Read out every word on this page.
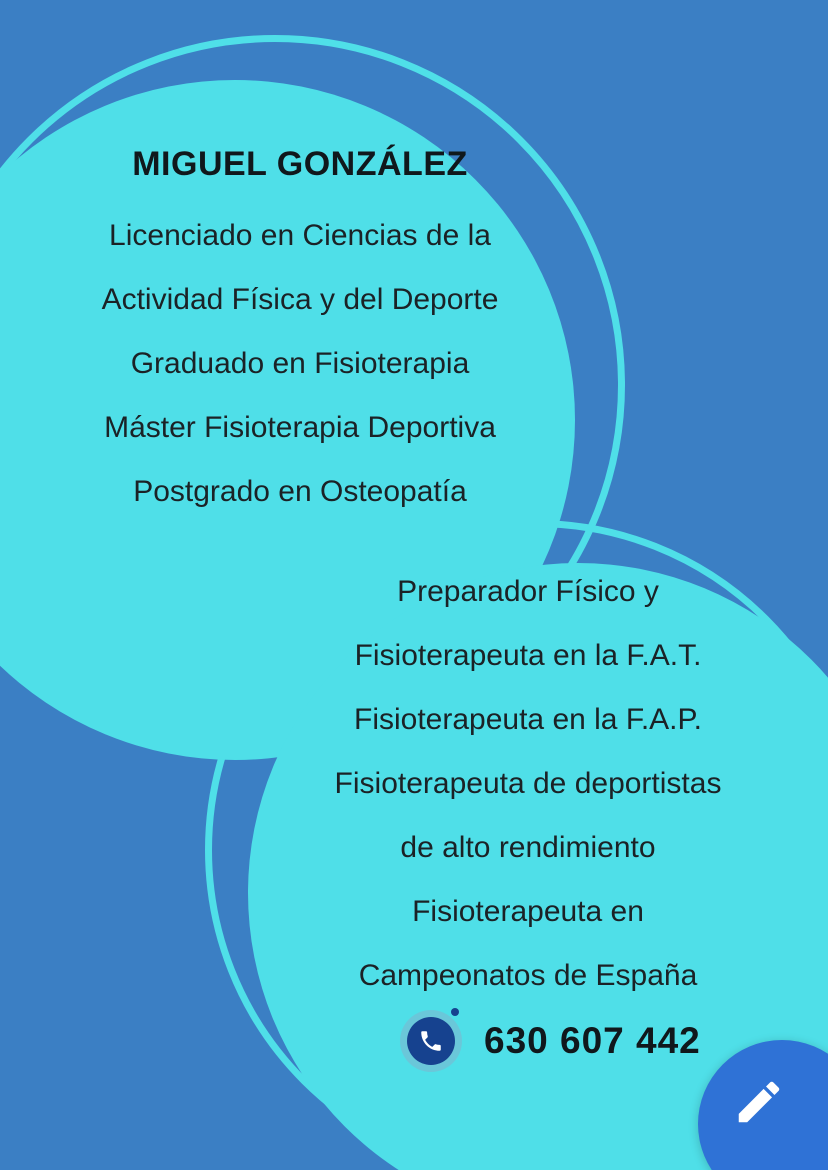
MIGUEL GONZÁLEZ
Licenciado en Ciencias de la
Actividad Física y del Deporte
Graduado en Fisioterapia
Máster Fisioterapia Deportiva
Postgrado en Osteopatía
Preparador Físico y
Fisioterapeuta en la F.A.T.
Fisioterapeuta en la F.A.P.
Fisioterapeuta de deportistas
de alto rendimiento
Fisioterapeuta en
Campeonatos de España
630 607 442
